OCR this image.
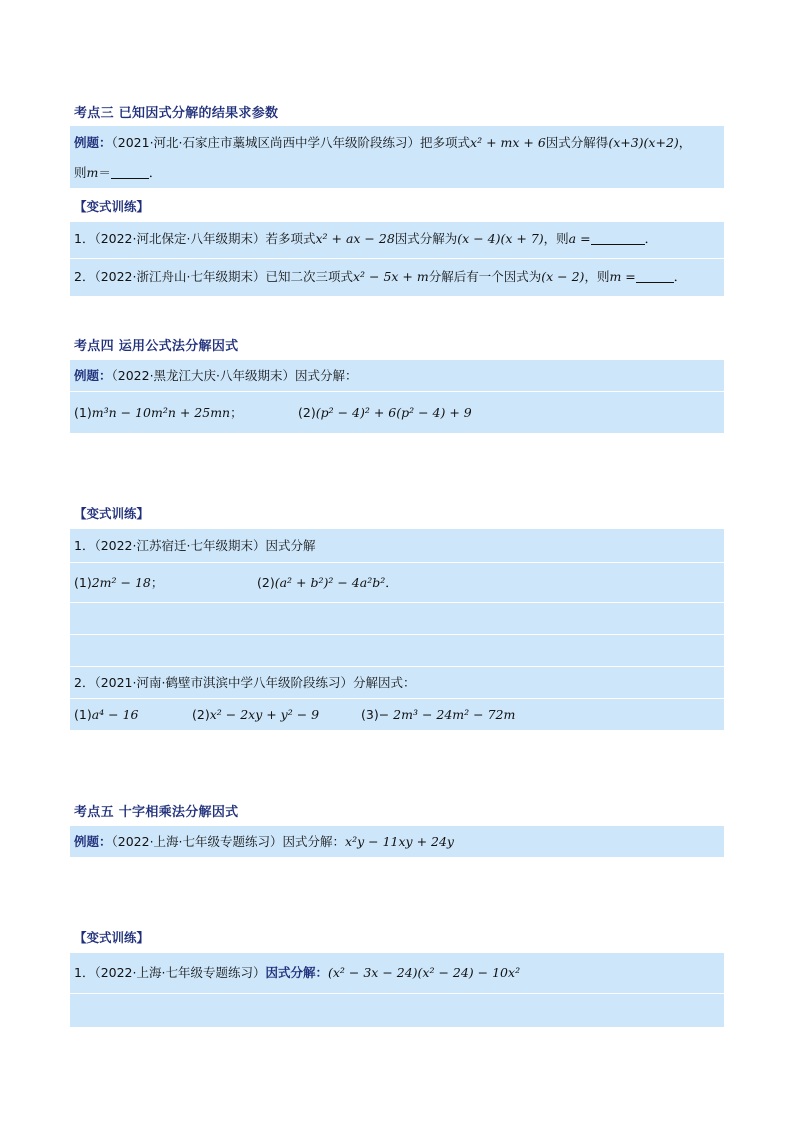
考点三 已知因式分解的结果求参数
例题：（2021·河北·石家庄市藁城区尚西中学八年级阶段练习）把多项式x² + mx + 6因式分解得(x+3)(x+2)，
则m＝	．
【变式训练】
1．（2022·河北保定·八年级期末）若多项式x² + ax − 28因式分解为(x − 4)(x + 7)，则a =	．
2．（2022·浙江舟山·七年级期末）已知二次三项式x² − 5x + m分解后有一个因式为(x − 2)，则m =	．
考点四 运用公式法分解因式
例题：（2022·黑龙江大庆·八年级期末）因式分解：
(1)m³n − 10m²n + 25mn；	(2)(p² − 4)² + 6(p² − 4) + 9
【变式训练】
1．（2022·江苏宿迁·七年级期末）因式分解
(1)2m² − 18；	(2)(a² + b²)² − 4a²b²．
2．（2021·河南·鹤壁市淇滨中学八年级阶段练习）分解因式：
(1)a⁴ − 16	(2)x² − 2xy + y² − 9	(3)− 2m³ − 24m² − 72m
考点五 十字相乘法分解因式
例题：（2022·上海·七年级专题练习）因式分解：x²y − 11xy + 24y
【变式训练】
1．（2022·上海·七年级专题练习）因式分解：(x² − 3x − 24)(x² − 24) − 10x²
